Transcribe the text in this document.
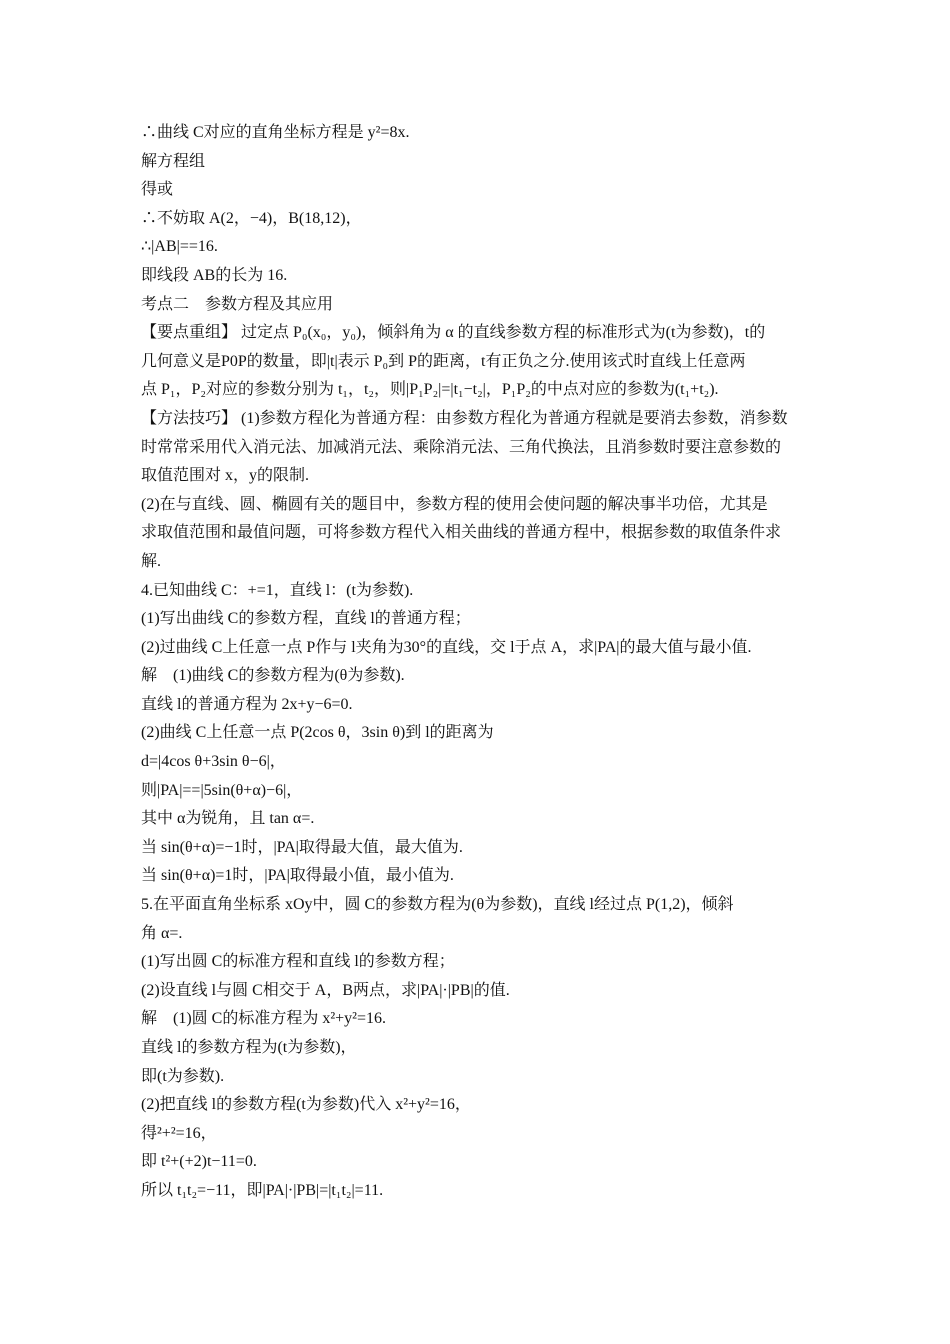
∴曲线 C对应的直角坐标方程是 y²=8x.
解方程组
得或
∴不妨取 A(2，−4)，B(18,12)，
∴|AB|==16.
即线段 AB的长为 16.
考点二　参数方程及其应用
【要点重组】 过定点 P₀(x₀，y₀)，倾斜角为 α 的直线参数方程的标准形式为(t为参数)，t的
几何意义是P0P的数量，即|t|表示 P₀到 P的距离，t有正负之分.使用该式时直线上任意两
点 P₁，P₂对应的参数分别为 t₁，t₂，则|P₁P₂|=|t₁−t₂|，P₁P₂的中点对应的参数为(t₁+t₂).
【方法技巧】 (1)参数方程化为普通方程：由参数方程化为普通方程就是要消去参数，消参数
时常常采用代入消元法、加减消元法、乘除消元法、三角代换法，且消参数时要注意参数的
取值范围对 x，y的限制.
(2)在与直线、圆、椭圆有关的题目中，参数方程的使用会使问题的解决事半功倍，尤其是
求取值范围和最值问题，可将参数方程代入相关曲线的普通方程中，根据参数的取值条件求
解.
4.已知曲线 C：+=1，直线 l：(t为参数).
(1)写出曲线 C的参数方程，直线 l的普通方程；
(2)过曲线 C上任意一点 P作与 l夹角为30°的直线，交 l于点 A，求|PA|的最大值与最小值.
解　(1)曲线 C的参数方程为(θ为参数).
直线 l的普通方程为 2x+y−6=0.
(2)曲线 C上任意一点 P(2cos θ，3sin θ)到 l的距离为
d=|4cos θ+3sin θ−6|，
则|PA|==|5sin(θ+α)−6|，
其中 α为锐角，且 tan α=.
当 sin(θ+α)=−1时，|PA|取得最大值，最大值为.
当 sin(θ+α)=1时，|PA|取得最小值，最小值为.
5.在平面直角坐标系 xOy中，圆 C的参数方程为(θ为参数)，直线 l经过点 P(1,2)，倾斜
角 α=.
(1)写出圆 C的标准方程和直线 l的参数方程；
(2)设直线 l与圆 C相交于 A，B两点，求|PA|·|PB|的值.
解　(1)圆 C的标准方程为 x²+y²=16.
直线 l的参数方程为(t为参数)，
即(t为参数).
(2)把直线 l的参数方程(t为参数)代入 x²+y²=16，
得²+²=16，
即 t²+(+2)t−11=0.
所以 t₁t₂=−11，即|PA|·|PB|=|t₁t₂|=11.
